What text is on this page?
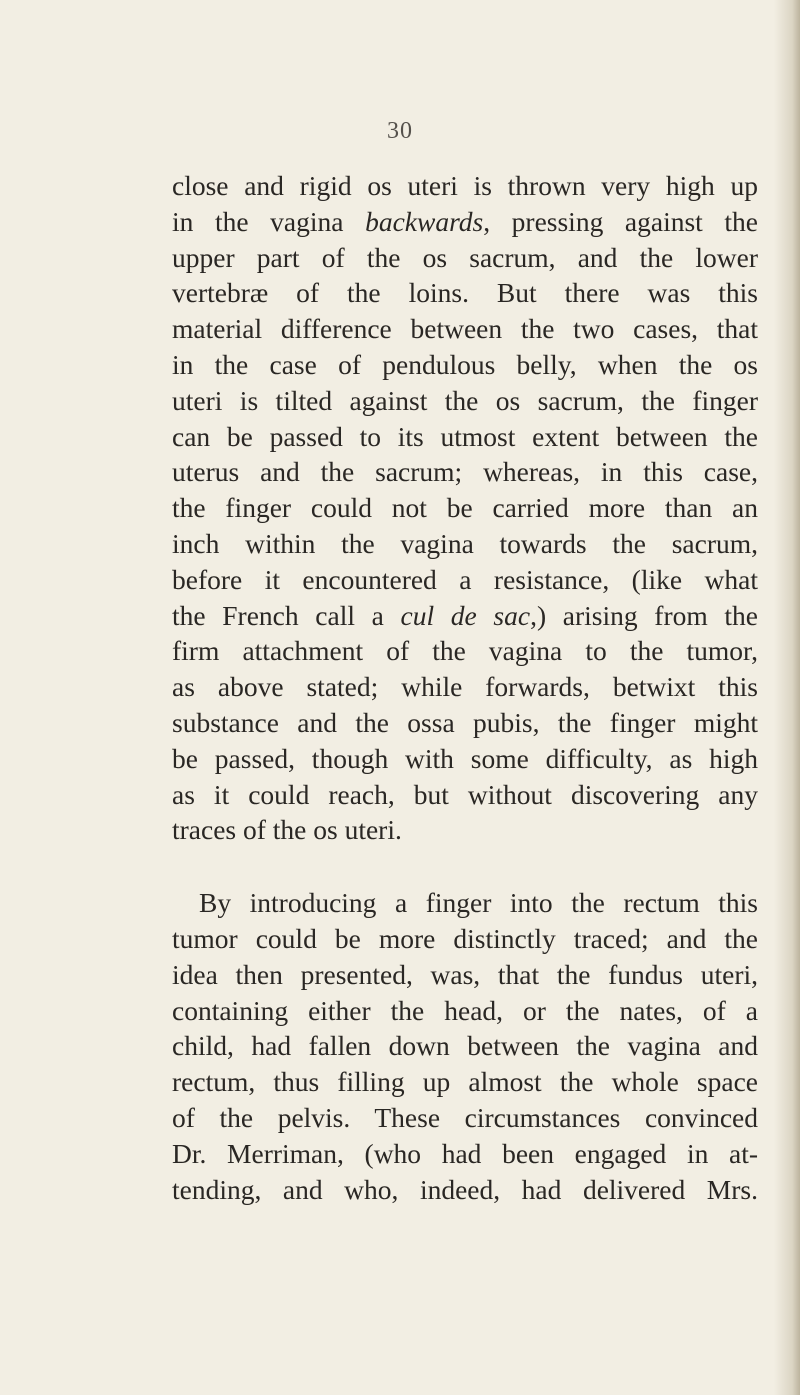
30
close and rigid os uteri is thrown very high up
in the vagina backwards, pressing against the
upper part of the os sacrum, and the lower
vertebræ of the loins. But there was this
material difference between the two cases, that
in the case of pendulous belly, when the os
uteri is tilted against the os sacrum, the finger
can be passed to its utmost extent between the
uterus and the sacrum; whereas, in this case,
the finger could not be carried more than an
inch within the vagina towards the sacrum,
before it encountered a resistance, (like what
the French call a cul de sac,) arising from the
firm attachment of the vagina to the tumor,
as above stated; while forwards, betwixt this
substance and the ossa pubis, the finger might
be passed, though with some difficulty, as high
as it could reach, but without discovering any
traces of the os uteri.
By introducing a finger into the rectum this
tumor could be more distinctly traced; and the
idea then presented, was, that the fundus uteri,
containing either the head, or the nates, of a
child, had fallen down between the vagina and
rectum, thus filling up almost the whole space
of the pelvis. These circumstances convinced
Dr. Merriman, (who had been engaged in at-
tending, and who, indeed, had delivered Mrs.
